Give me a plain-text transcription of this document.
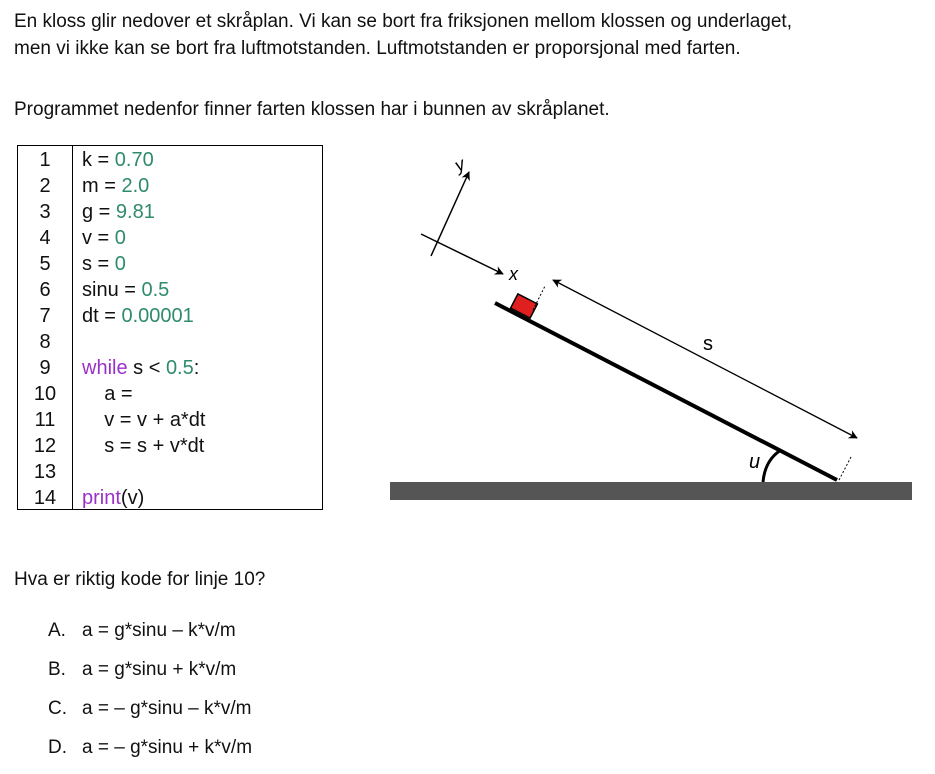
En kloss glir nedover et skråplan. Vi kan se bort fra friksjonen mellom klossen og underlaget,
men vi ikke kan se bort fra luftmotstanden. Luftmotstanden er proporsjonal med farten.
Programmet nedenfor finner farten klossen har i bunnen av skråplanet.
1
2
3
4
5
6
7
8
9
10
11
12
13
14
k = 0.70
m = 2.0
g = 9.81
v = 0
s = 0
sinu = 0.5
dt = 0.00001
while s < 0.5:
a =
v = v + a*dt
s = s + v*dt
print(v)
s
u
x
y
Hva er riktig kode for linje 10?
A. a = g*sinu – k*v/m
B. a = g*sinu + k*v/m
C. a = – g*sinu – k*v/m
D. a = – g*sinu + k*v/m
